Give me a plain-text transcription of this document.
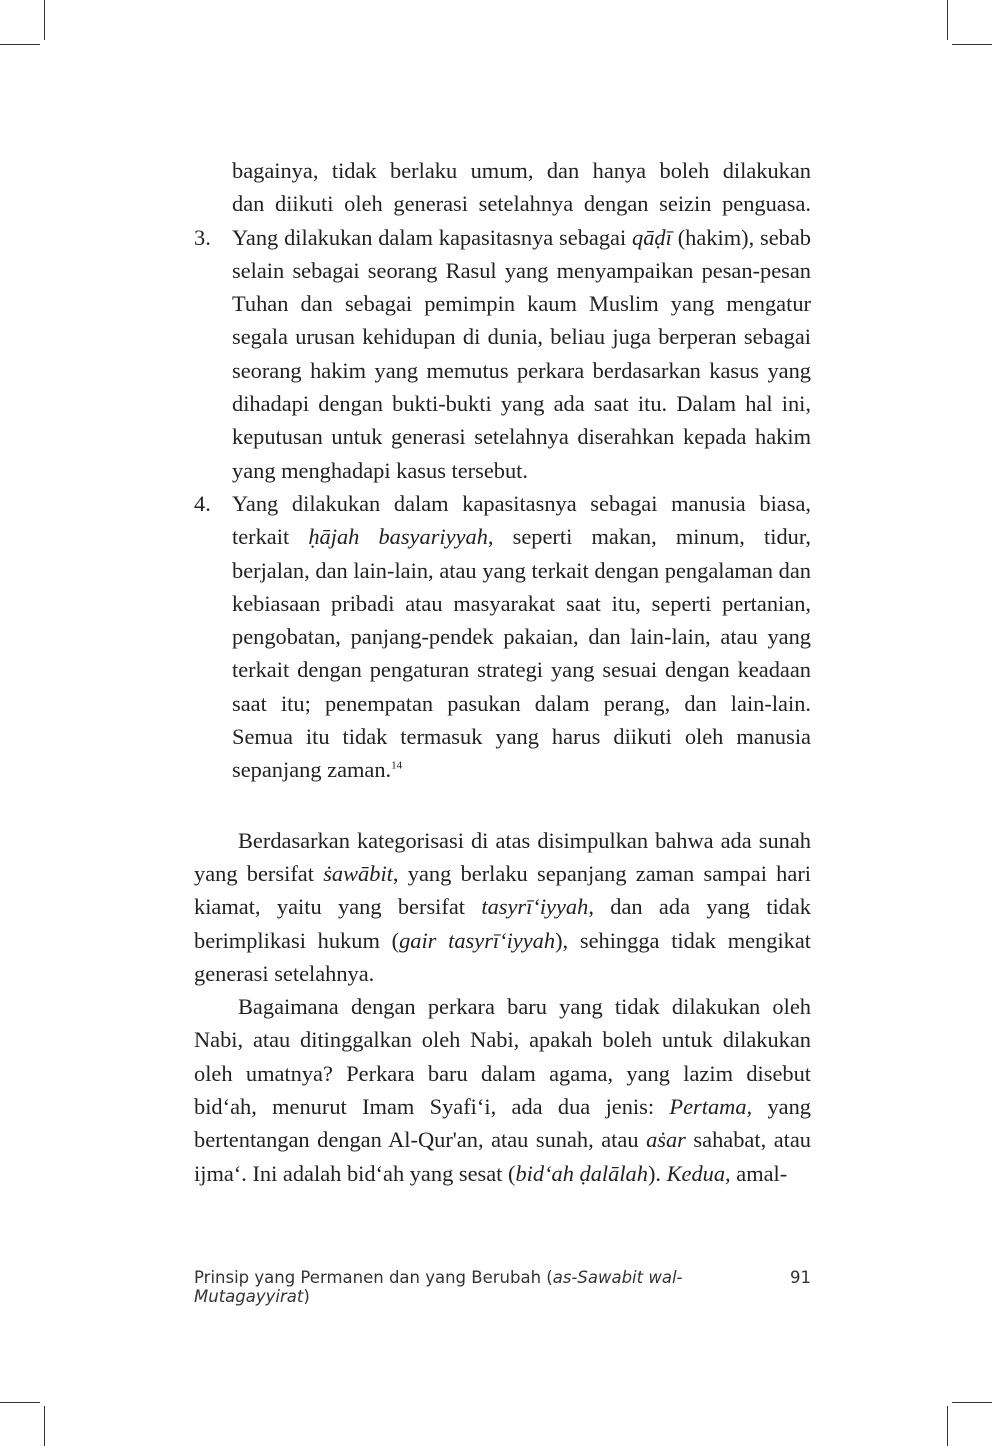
bagainya, tidak berlaku umum, dan hanya boleh dilakukan
dan diikuti oleh generasi setelahnya dengan seizin penguasa.
3. Yang dilakukan dalam kapasitasnya sebagai qāḍī (hakim), sebab selain sebagai seorang Rasul yang menyampaikan pesan-pesan Tuhan dan sebagai pemimpin kaum Muslim yang mengatur segala urusan kehidupan di dunia, beliau juga berperan sebagai seorang hakim yang memutus perkara berdasarkan kasus yang dihadapi dengan bukti-bukti yang ada saat itu. Dalam hal ini, keputusan untuk generasi setelahnya diserahkan kepada hakim yang menghadapi kasus tersebut.
4. Yang dilakukan dalam kapasitasnya sebagai manusia biasa, terkait ḥājah basyariyyah, seperti makan, minum, tidur, berjalan, dan lain-lain, atau yang terkait dengan pengalaman dan kebiasaan pribadi atau masyarakat saat itu, seperti pertanian, pengobatan, panjang-pendek pakaian, dan lain-lain, atau yang terkait dengan pengaturan strategi yang sesuai dengan keadaan saat itu; penempatan pasukan dalam perang, dan lain-lain. Semua itu tidak termasuk yang harus diikuti oleh manusia sepanjang zaman.$^{14}$

Berdasarkan kategorisasi di atas disimpulkan bahwa ada sunah yang bersifat ṡawābit, yang berlaku sepanjang zaman sampai hari kiamat, yaitu yang bersifat tasyrī‘iyyah, dan ada yang tidak berimplikasi hukum (gair tasyrī‘iyyah), sehingga tidak mengikat generasi setelahnya.

Bagaimana dengan perkara baru yang tidak dilakukan oleh Nabi, atau ditinggalkan oleh Nabi, apakah boleh untuk dilakukan oleh umatnya? Perkara baru dalam agama, yang lazim disebut bid‘ah, menurut Imam Syafi‘i, ada dua jenis: Pertama, yang bertentangan dengan Al-Qur'an, atau sunah, atau aṡar sahabat, atau ijma‘. Ini adalah bid‘ah yang sesat (bid‘ah ḍalālah). Kedua, amal-

Prinsip yang Permanen dan yang Berubah (as-Sawabit wal-Mutagayyirat)
91
